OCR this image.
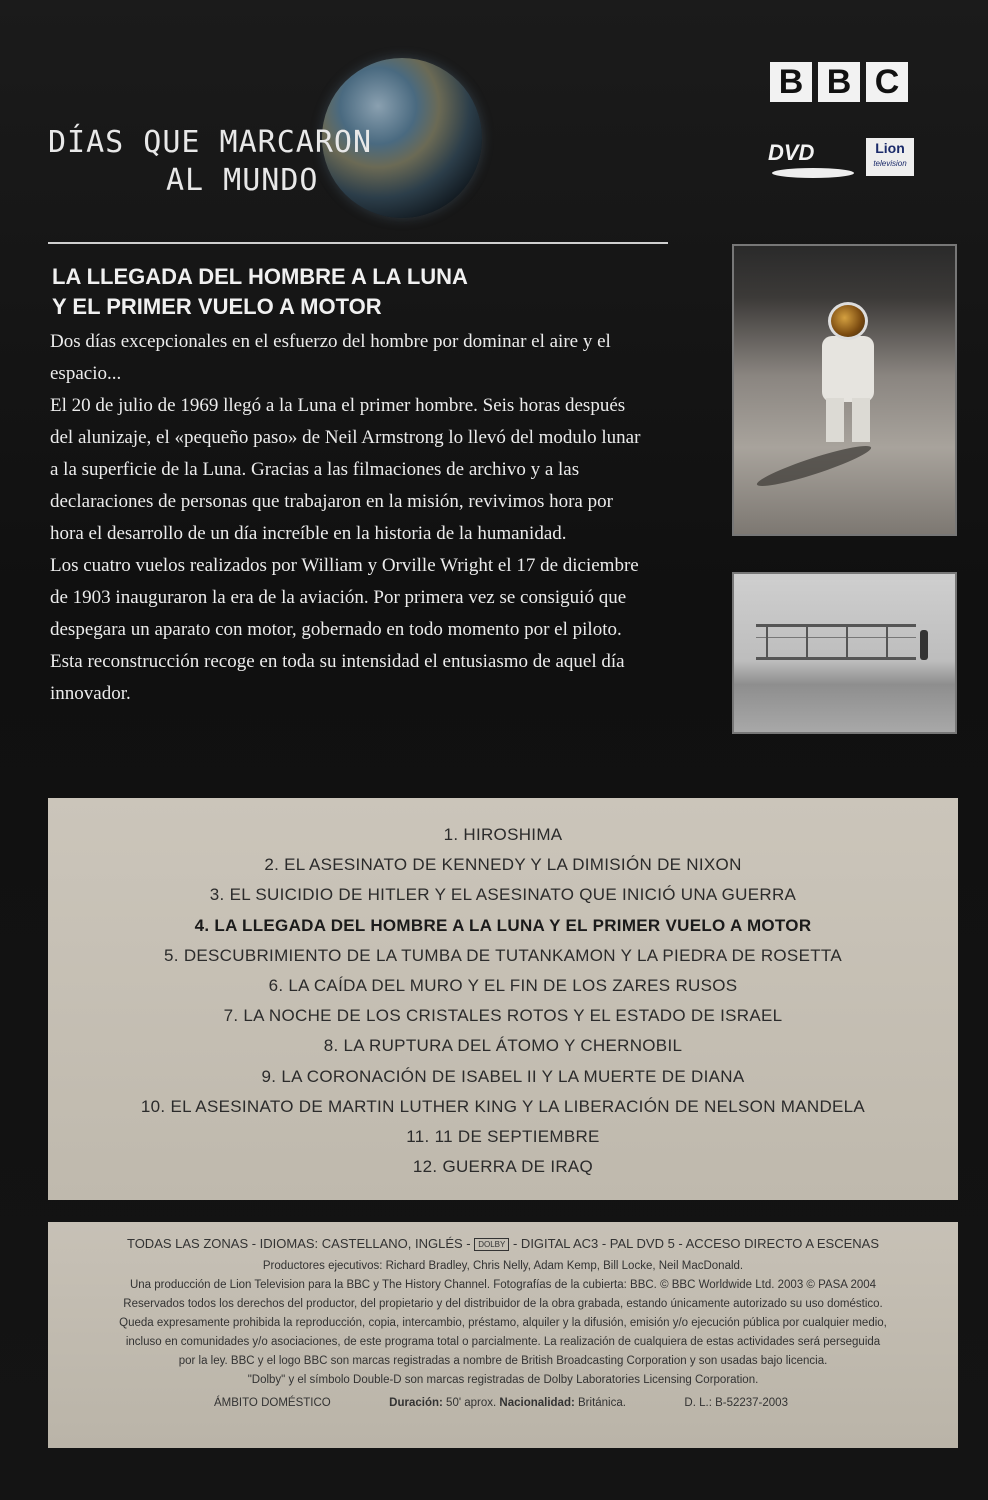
DÍAS QUE MARCARON
AL MUNDO
B B C
DVD	Lion
television
LA LLEGADA DEL HOMBRE A LA LUNA
Y EL PRIMER VUELO A MOTOR

Dos días excepcionales en el esfuerzo del hombre por dominar el aire y el espacio...

El 20 de julio de 1969 llegó a la Luna el primer hombre. Seis horas después del alunizaje, el «pequeño paso» de Neil Armstrong lo llevó del modulo lunar a la superficie de la Luna. Gracias a las filmaciones de archivo y a las declaraciones de personas que trabajaron en la misión, revivimos hora por hora el desarrollo de un día increíble en la historia de la humanidad.

Los cuatro vuelos realizados por William y Orville Wright el 17 de diciembre de 1903 inauguraron la era de la aviación. Por primera vez se consiguió que despegara un aparato con motor, gobernado en todo momento por el piloto. Esta reconstrucción recoge en toda su intensidad el entusiasmo de aquel día innovador.

1. HIROSHIMA
2. EL ASESINATO DE KENNEDY Y LA DIMISIÓN DE NIXON
3. EL SUICIDIO DE HITLER Y EL ASESINATO QUE INICIÓ UNA GUERRA
4. LA LLEGADA DEL HOMBRE A LA LUNA Y EL PRIMER VUELO A MOTOR
5. DESCUBRIMIENTO DE LA TUMBA DE TUTANKAMON Y LA PIEDRA DE ROSETTA
6. LA CAÍDA DEL MURO Y EL FIN DE LOS ZARES RUSOS
7. LA NOCHE DE LOS CRISTALES ROTOS Y EL ESTADO DE ISRAEL
8. LA RUPTURA DEL ÁTOMO Y CHERNOBIL
9. LA CORONACIÓN DE ISABEL II Y LA MUERTE DE DIANA
10. EL ASESINATO DE MARTIN LUTHER KING Y LA LIBERACIÓN DE NELSON MANDELA
11. 11 DE SEPTIEMBRE
12. GUERRA DE IRAQ
TODAS LAS ZONAS - IDIOMAS: CASTELLANO, INGLÉS - DOLBY - DIGITAL AC3 - PAL DVD 5 - ACCESO DIRECTO A ESCENAS
Productores ejecutivos: Richard Bradley, Chris Nelly, Adam Kemp, Bill Locke, Neil MacDonald.
Una producción de Lion Television para la BBC y The History Channel. Fotografías de la cubierta: BBC. © BBC Worldwide Ltd. 2003 © PASA 2004
Reservados todos los derechos del productor, del propietario y del distribuidor de la obra grabada, estando únicamente autorizado su uso doméstico.
Queda expresamente prohibida la reproducción, copia, intercambio, préstamo, alquiler y la difusión, emisión y/o ejecución pública por cualquier medio,
incluso en comunidades y/o asociaciones, de este programa total o parcialmente. La realización de cualquiera de estas actividades será perseguida
por la ley. BBC y el logo BBC son marcas registradas a nombre de British Broadcasting Corporation y son usadas bajo licencia.
"Dolby" y el símbolo Double-D son marcas registradas de Dolby Laboratories Licensing Corporation.
ÁMBITO DOMÉSTICO	Duración: 50' aprox. Nacionalidad: Británica.	D. L.: B-52237-2003
